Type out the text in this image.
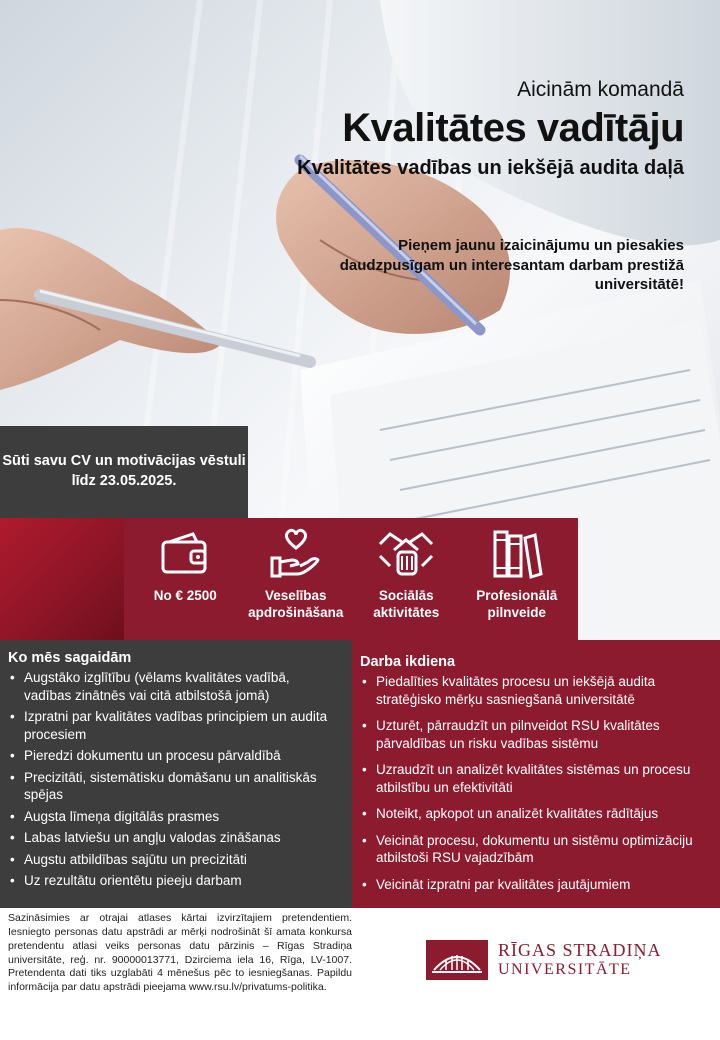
Aicinām komandā
Kvalitātes vadītāju
Kvalitātes vadības un iekšējā audita daļā
Pieņem jaunu izaicinājumu un piesakies daudzpusīgam un interesantam darbam prestižā universitātē!
Sūti savu CV un motivācijas vēstuli līdz 23.05.2025.
No € 2500	Veselības apdrošināšana
Sociālās aktivitātes
Profesionālā pilnveide
Ko mēs sagaidām
• Augstāko izglītību (vēlams kvalitātes vadībā, vadības zinātnēs vai citā atbilstošā jomā)
• Izpratni par kvalitātes vadības principiem un audita procesiem
• Pieredzi dokumentu un procesu pārvaldībā
• Precizitāti, sistemātisku domāšanu un analitiskās spējas
• Augsta līmeņa digitālās prasmes
• Labas latviešu un angļu valodas zināšanas
• Augstu atbildības sajūtu un precizitāti
• Uz rezultātu orientētu pieeju darbam
Darba ikdiena
• Piedalīties kvalitātes procesu un iekšējā audita stratēģisko mērķu sasniegšanā universitātē
• Uzturēt, pārraudzīt un pilnveidot RSU kvalitātes pārvaldības un risku vadības sistēmu
• Uzraudzīt un analizēt kvalitātes sistēmas un procesu atbilstību un efektivitāti
• Noteikt, apkopot un analizēt kvalitātes rādītājus
• Veicināt procesu, dokumentu un sistēmu optimizāciju atbilstoši RSU vajadzībām
• Veicināt izpratni par kvalitātes jautājumiem
Sazināsimies ar otrajai atlases kārtai izvirzītajiem pretendentiem. Iesniegto personas datu apstrādi ar mērķi nodrošināt šī amata konkursa pretendentu atlasi veiks personas datu pārzinis – Rīgas Stradiņa universitāte, reģ. nr. 90000013771, Dzirciema iela 16, Rīga, LV-1007. Pretendenta dati tiks uzglabāti 4 mēnešus pēc to iesniegšanas. Papildu informācija par datu apstrādi pieejama www.rsu.lv/privatums-politika.
RĪGAS STRADIŅA
UNIVERSITĀTE
